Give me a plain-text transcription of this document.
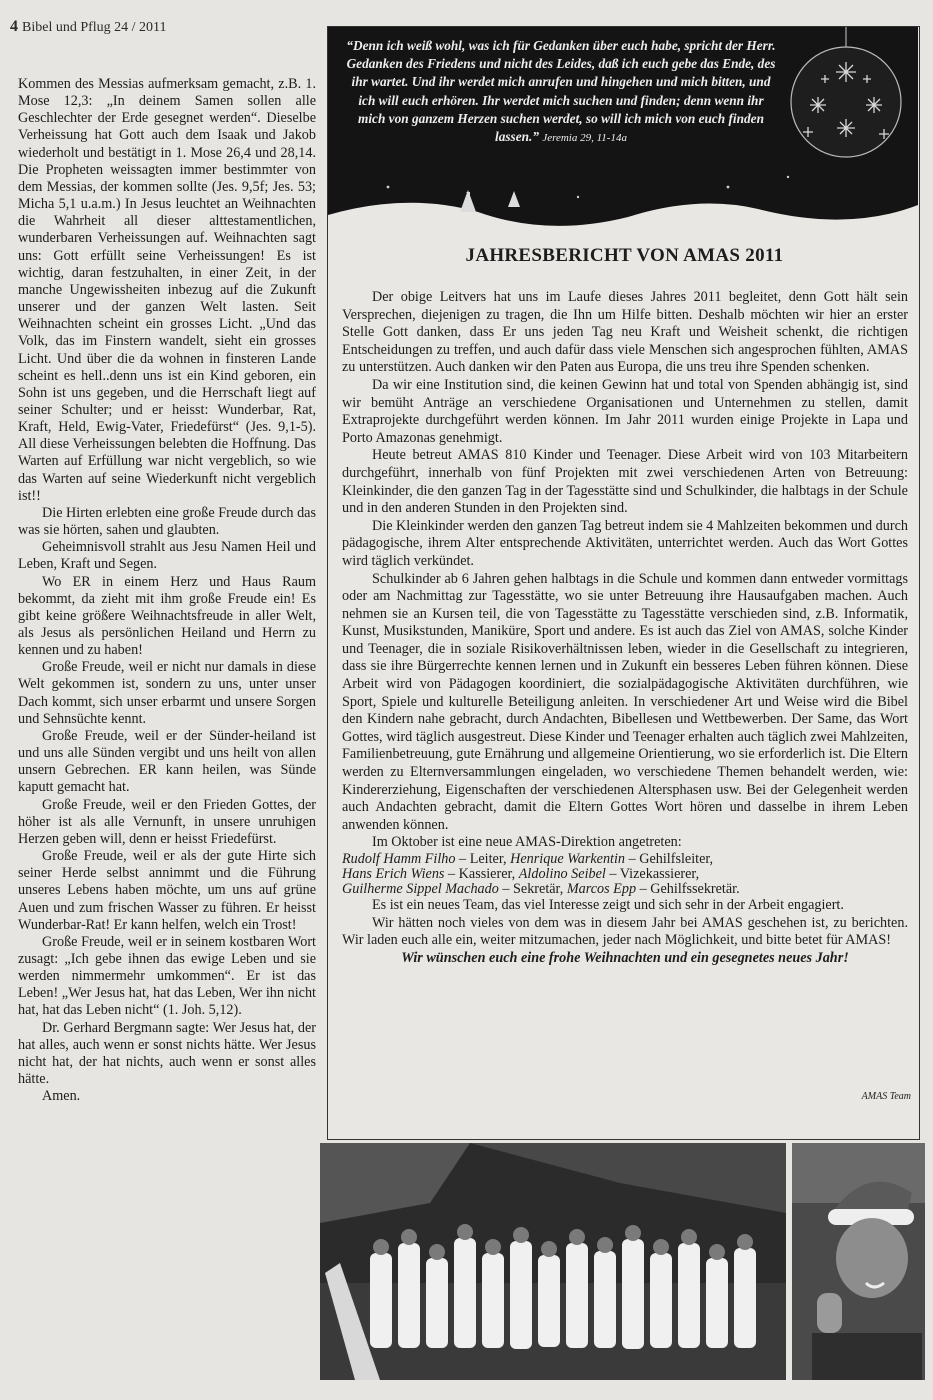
4 Bibel und Pflug 24 / 2011

Kommen des Messias aufmerksam gemacht, z.B. 1. Mose 12,3: „In deinem Samen sollen alle Geschlechter der Erde gesegnet werden“. Dieselbe Verheissung hat Gott auch dem Isaak und Jakob wiederholt und bestätigt in 1. Mose 26,4 und 28,14. Die Propheten weissagten immer bestimmter von dem Messias, der kommen sollte (Jes. 9,5f; Jes. 53; Micha 5,1 u.a.m.) In Jesus leuchtet an Weihnachten die Wahrheit all dieser alttestamentlichen, wunderbaren Verheissungen auf. Weihnachten sagt uns: Gott erfüllt seine Verheissungen! Es ist wichtig, daran festzuhalten, in einer Zeit, in der manche Ungewissheiten inbezug auf die Zukunft unserer und der ganzen Welt lasten. Seit Weihnachten scheint ein grosses Licht. „Und das Volk, das im Finstern wandelt, sieht ein grosses Licht. Und über die da wohnen in finsteren Lande scheint es hell..denn uns ist ein Kind geboren, ein Sohn ist uns gegeben, und die Herrschaft liegt auf seiner Schulter; und er heisst: Wunderbar, Rat, Kraft, Held, Ewig-Vater, Friedefürst“ (Jes. 9,1-5). All diese Verheissungen belebten die Hoffnung. Das Warten auf Erfüllung war nicht vergeblich, so wie das Warten auf seine Wiederkunft nicht vergeblich ist!!

Die Hirten erlebten eine große Freude durch das was sie hörten, sahen und glaubten.

Geheimnisvoll strahlt aus Jesu Namen Heil und Leben, Kraft und Segen.

Wo ER in einem Herz und Haus Raum bekommt, da zieht mit ihm große Freude ein! Es gibt keine größere Weihnachtsfreude in aller Welt, als Jesus als persönlichen Heiland und Herrn zu kennen und zu haben!

Große Freude, weil er nicht nur damals in diese Welt gekommen ist, sondern zu uns, unter unser Dach kommt, sich unser erbarmt und unsere Sorgen und Sehnsüchte kennt.

Große Freude, weil er der Sünder-heiland ist und uns alle Sünden vergibt und uns heilt von allen unsern Gebrechen. ER kann heilen, was Sünde kaputt gemacht hat.

Große Freude, weil er den Frieden Gottes, der höher ist als alle Vernunft, in unsere unruhigen Herzen geben will, denn er heisst Friedefürst.

Große Freude, weil er als der gute Hirte sich seiner Herde selbst annimmt und die Führung unseres Lebens haben möchte, um uns auf grüne Auen und zum frischen Wasser zu führen. Er heisst Wunderbar-Rat! Er kann helfen, welch ein Trost!

Große Freude, weil er in seinem kostbaren Wort zusagt: „Ich gebe ihnen das ewige Leben und sie werden nimmermehr umkommen“. Er ist das Leben! „Wer Jesus hat, hat das Leben, Wer ihn nicht hat, hat das Leben nicht“ (1. Joh. 5,12).

Dr. Gerhard Bergmann sagte: Wer Jesus hat, der hat alles, auch wenn er sonst nichts hätte. Wer Jesus nicht hat, der hat nichts, auch wenn er sonst alles hätte.

Amen.

“Denn ich weiß wohl, was ich für Gedanken über euch habe, spricht der Herr. Gedanken des Friedens und nicht des Leides, daß ich euch gebe das Ende, des ihr wartet. Und ihr werdet mich anrufen und hingehen und mich bitten, und ich will euch erhören. Ihr werdet mich suchen und finden; denn wenn ihr mich von ganzem Herzen suchen werdet, so will ich mich von euch finden lassen.” Jeremia 29, 11-14a
JAHRESBERICHT VON AMAS 2011

Der obige Leitvers hat uns im Laufe dieses Jahres 2011 begleitet, denn Gott hält sein Versprechen, diejenigen zu tragen, die Ihn um Hilfe bitten. Deshalb möchten wir hier an erster Stelle Gott danken, dass Er uns jeden Tag neu Kraft und Weisheit schenkt, die richtigen Entscheidungen zu treffen, und auch dafür dass viele Menschen sich angesprochen fühlten, AMAS zu unterstützen. Auch danken wir den Paten aus Europa, die uns treu ihre Spenden schenken.

Da wir eine Institution sind, die keinen Gewinn hat und total von Spenden abhängig ist, sind wir bemüht Anträge an verschiedene Organisationen und Unternehmen zu stellen, damit Extraprojekte durchgeführt werden können. Im Jahr 2011 wurden einige Projekte in Lapa und Porto Amazonas genehmigt.

Heute betreut AMAS 810 Kinder und Teenager. Diese Arbeit wird von 103 Mitarbeitern durchgeführt, innerhalb von fünf Projekten mit zwei verschiedenen Arten von Betreuung: Kleinkinder, die den ganzen Tag in der Tagesstätte sind und Schulkinder, die halbtags in der Schule und in den anderen Stunden in den Projekten sind.

Die Kleinkinder werden den ganzen Tag betreut indem sie 4 Mahlzeiten bekommen und durch pädagogische, ihrem Alter entsprechende Aktivitäten, unterrichtet werden. Auch das Wort Gottes wird täglich verkündet.

Schulkinder ab 6 Jahren gehen halbtags in die Schule und kommen dann entweder vormittags oder am Nachmittag zur Tagesstätte, wo sie unter Betreuung ihre Hausaufgaben machen. Auch nehmen sie an Kursen teil, die von Tagesstätte zu Tagesstätte verschieden sind, z.B. Informatik, Kunst, Musikstunden, Maniküre, Sport und andere. Es ist auch das Ziel von AMAS, solche Kinder und Teenager, die in soziale Risikoverhältnissen leben, wieder in die Gesellschaft zu integrieren, dass sie ihre Bürgerrechte kennen lernen und in Zukunft ein besseres Leben führen können. Diese Arbeit wird von Pädagogen koordiniert, die sozialpädagogische Aktivitäten durchführen, wie Sport, Spiele und kulturelle Beteiligung anleiten. In verschiedener Art und Weise wird die Bibel den Kindern nahe gebracht, durch Andachten, Bibellesen und Wettbewerben. Der Same, das Wort Gottes, wird täglich ausgestreut. Diese Kinder und Teenager erhalten auch täglich zwei Mahlzeiten, Familienbetreuung, gute Ernährung und allgemeine Orientierung, wo sie erforderlich ist. Die Eltern werden zu Elternversammlungen eingeladen, wo verschiedene Themen behandelt werden, wie: Kindererziehung, Eigenschaften der verschiedenen Altersphasen usw. Bei der Gelegenheit werden auch Andachten gebracht, damit die Eltern Gottes Wort hören und dasselbe in ihrem Leben anwenden können.

Im Oktober ist eine neue AMAS-Direktion angetreten:

Rudolf Hamm Filho – Leiter, Henrique Warkentin – Gehilfsleiter,

Hans Erich Wiens – Kassierer, Aldolino Seibel – Vizekassierer,

Guilherme Sippel Machado – Sekretär, Marcos Epp – Gehilfssekretär.

Es ist ein neues Team, das viel Interesse zeigt und sich sehr in der Arbeit engagiert.

Wir hätten noch vieles von dem was in diesem Jahr bei AMAS geschehen ist, zu berichten. Wir laden euch alle ein, weiter mitzumachen, jeder nach Möglichkeit, und bitte betet für AMAS!

Wir wünschen euch eine frohe Weihnachten und ein gesegnetes neues Jahr!

AMAS Team
